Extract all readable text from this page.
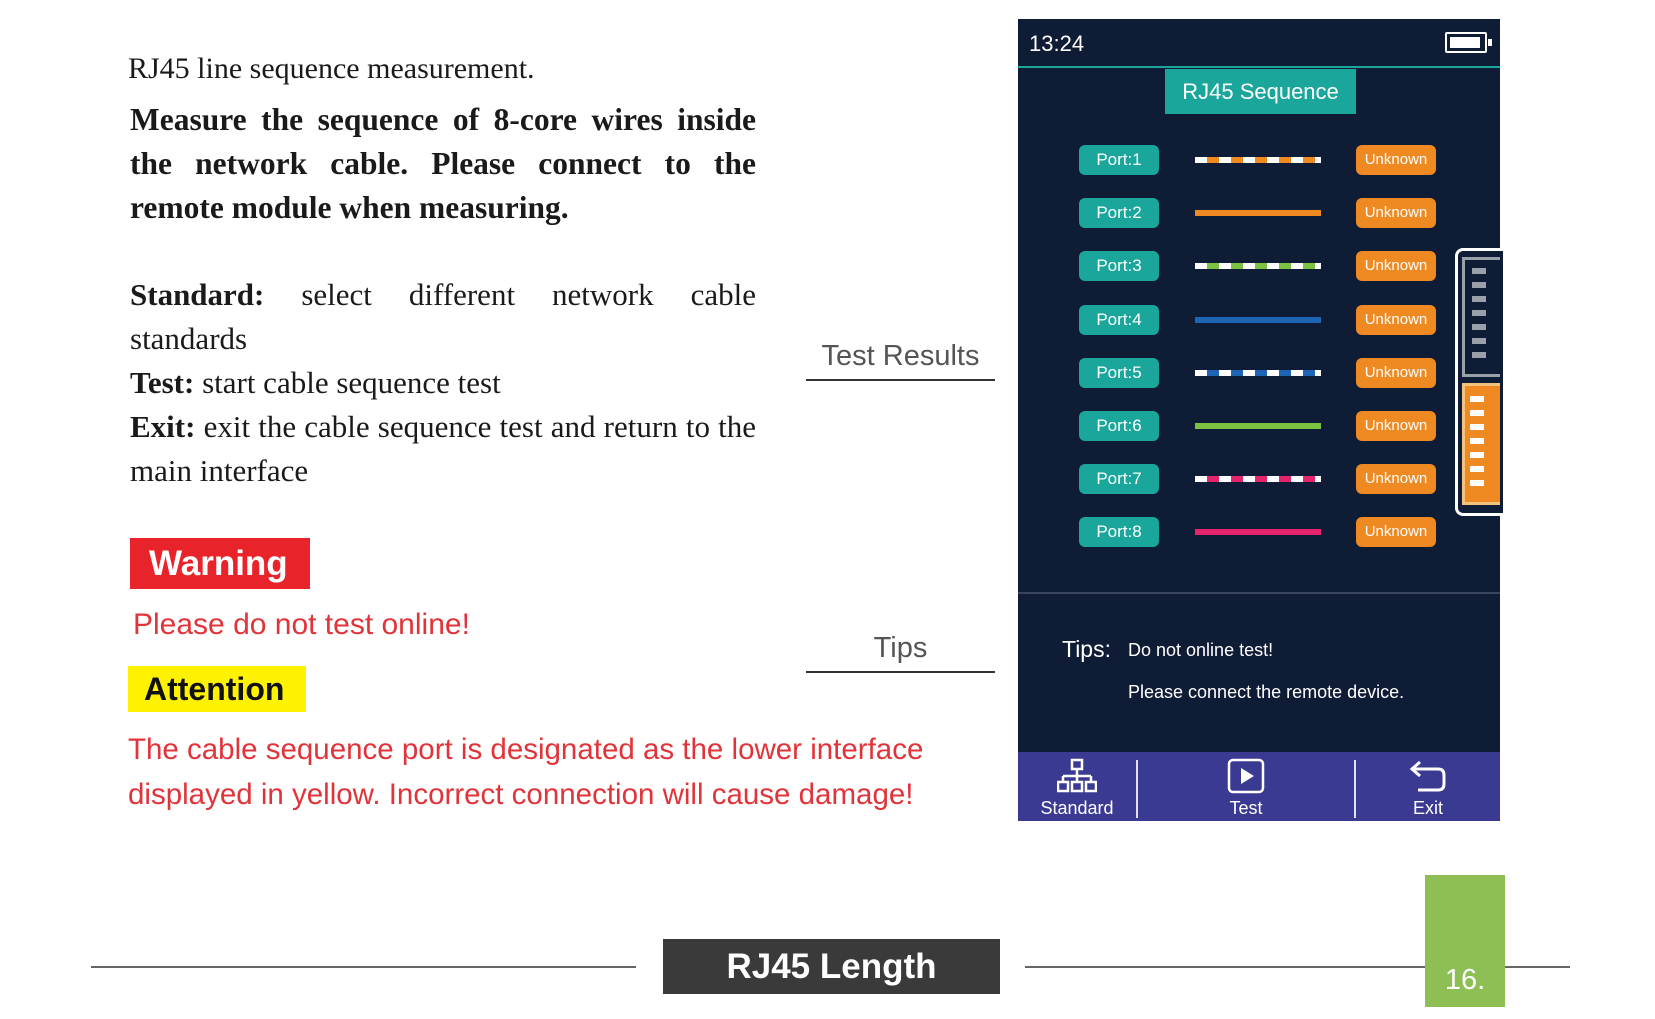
RJ45 line sequence measurement.

Measure the sequence of 8-core wires inside the network cable. Please connect to the remote module when measuring.

Standard: select different network cable standards

Test: start cable sequence test

Exit: exit the cable sequence test and return to the main interface

Warning
Please do not test online!
Attention
The cable sequence port is designated as the lower interface
displayed in yellow. Incorrect connection will cause damage!
Test Results
Tips
13:24
RJ45 Sequence
Port:1	Unknown
Port:2	Unknown
Port:3	Unknown
Port:4	Unknown
Port:5	Unknown
Port:6	Unknown
Port:7	Unknown
Port:8	Unknown
Tips: Do not online test!
Please connect the remote device.
Standard	Test	Exit
RJ45 Length	16.
